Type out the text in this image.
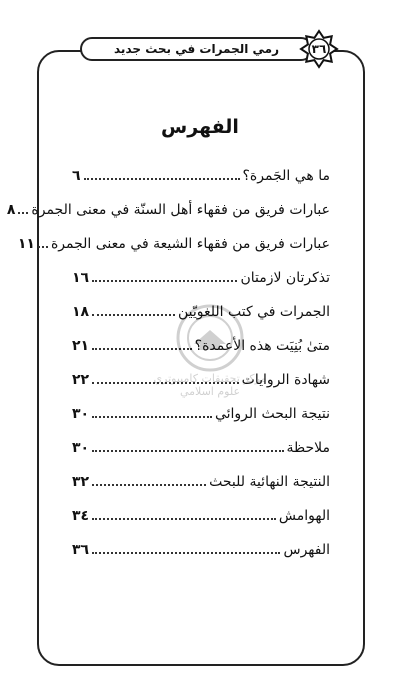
رمي الجمرات في بحث جديد	٣٦
الفهرس
ما هي الجَمرة؟
٦
عبارات فريق من فقهاء أهل السنّة في معنى الجمرة
٨
عبارات فريق من فقهاء الشيعة في معنى الجمرة
١١
تذكرتان لازمتان
١٦
الجمرات في كتب اللغويّين
١٨
متىٰ بُنِيَت هذه الأعمدة؟
٢١
شهادة الروايات
٢٢
نتيجة البحث الروائي
٣٠
ملاحظة
٣٠
النتيجة النهائية للبحث
٣٢
الهوامش
٣٤
الفهرس
٣٦
مركز تحقيقات كامپيوتري علوم اسلامي
